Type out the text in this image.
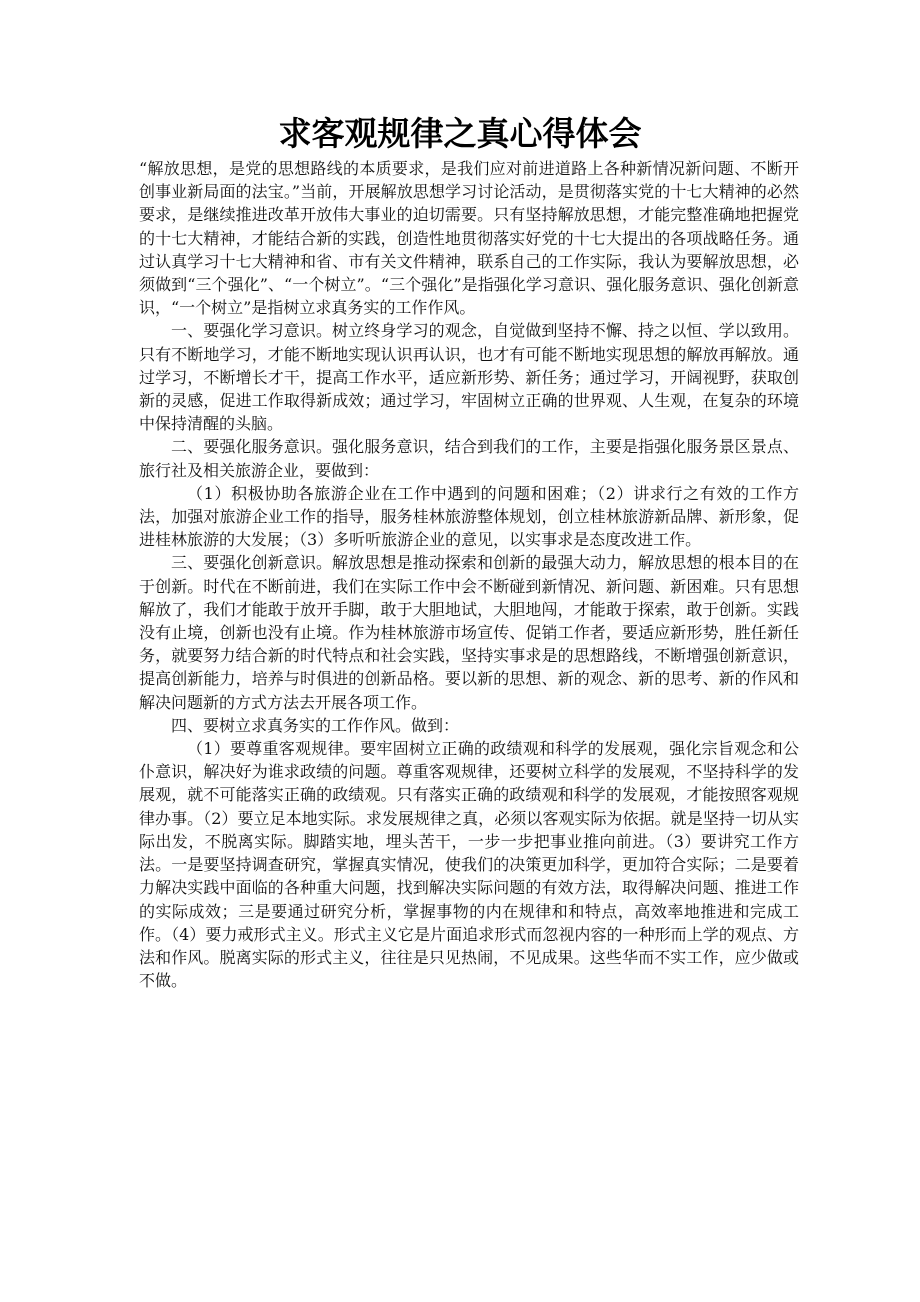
求客观规律之真心得体会

“解放思想，是党的思想路线的本质要求，是我们应对前进道路上各种新情况新问题、不断开创事业新局面的法宝。”当前，开展解放思想学习讨论活动，是贯彻落实党的十七大精神的必然要求，是继续推进改革开放伟大事业的迫切需要。只有坚持解放思想，才能完整准确地把握党的十七大精神，才能结合新的实践，创造性地贯彻落实好党的十七大提出的各项战略任务。通过认真学习十七大精神和省、市有关文件精神，联系自己的工作实际，我认为要解放思想，必须做到“三个强化”、“一个树立”。“三个强化”是指强化学习意识、强化服务意识、强化创新意识，“一个树立”是指树立求真务实的工作作风。

一、要强化学习意识。树立终身学习的观念，自觉做到坚持不懈、持之以恒、学以致用。只有不断地学习，才能不断地实现认识再认识，也才有可能不断地实现思想的解放再解放。通过学习，不断增长才干，提高工作水平，适应新形势、新任务；通过学习，开阔视野，获取创新的灵感，促进工作取得新成效；通过学习，牢固树立正确的世界观、人生观，在复杂的环境中保持清醒的头脑。

二、要强化服务意识。强化服务意识，结合到我们的工作，主要是指强化服务景区景点、旅行社及相关旅游企业，要做到：

（1）积极协助各旅游企业在工作中遇到的问题和困难；（2）讲求行之有效的工作方法，加强对旅游企业工作的指导，服务桂林旅游整体规划，创立桂林旅游新品牌、新形象，促进桂林旅游的大发展；（3）多听听旅游企业的意见，以实事求是态度改进工作。

三、要强化创新意识。解放思想是推动探索和创新的最强大动力，解放思想的根本目的在于创新。时代在不断前进，我们在实际工作中会不断碰到新情况、新问题、新困难。只有思想解放了，我们才能敢于放开手脚，敢于大胆地试，大胆地闯，才能敢于探索，敢于创新。实践没有止境，创新也没有止境。作为桂林旅游市场宣传、促销工作者，要适应新形势，胜任新任务，就要努力结合新的时代特点和社会实践，坚持实事求是的思想路线，不断增强创新意识，提高创新能力，培养与时俱进的创新品格。要以新的思想、新的观念、新的思考、新的作风和解决问题新的方式方法去开展各项工作。

四、要树立求真务实的工作作风。做到：

（1）要尊重客观规律。要牢固树立正确的政绩观和科学的发展观，强化宗旨观念和公仆意识，解决好为谁求政绩的问题。尊重客观规律，还要树立科学的发展观，不坚持科学的发展观，就不可能落实正确的政绩观。只有落实正确的政绩观和科学的发展观，才能按照客观规律办事。（2）要立足本地实际。求发展规律之真，必须以客观实际为依据。就是坚持一切从实际出发，不脱离实际。脚踏实地，埋头苦干，一步一步把事业推向前进。（3）要讲究工作方法。一是要坚持调查研究，掌握真实情况，使我们的决策更加科学，更加符合实际；二是要着力解决实践中面临的各种重大问题，找到解决实际问题的有效方法，取得解决问题、推进工作的实际成效；三是要通过研究分析，掌握事物的内在规律和和特点，高效率地推进和完成工作。（4）要力戒形式主义。形式主义它是片面追求形式而忽视内容的一种形而上学的观点、方法和作风。脱离实际的形式主义，往往是只见热闹，不见成果。这些华而不实工作，应少做或不做。
